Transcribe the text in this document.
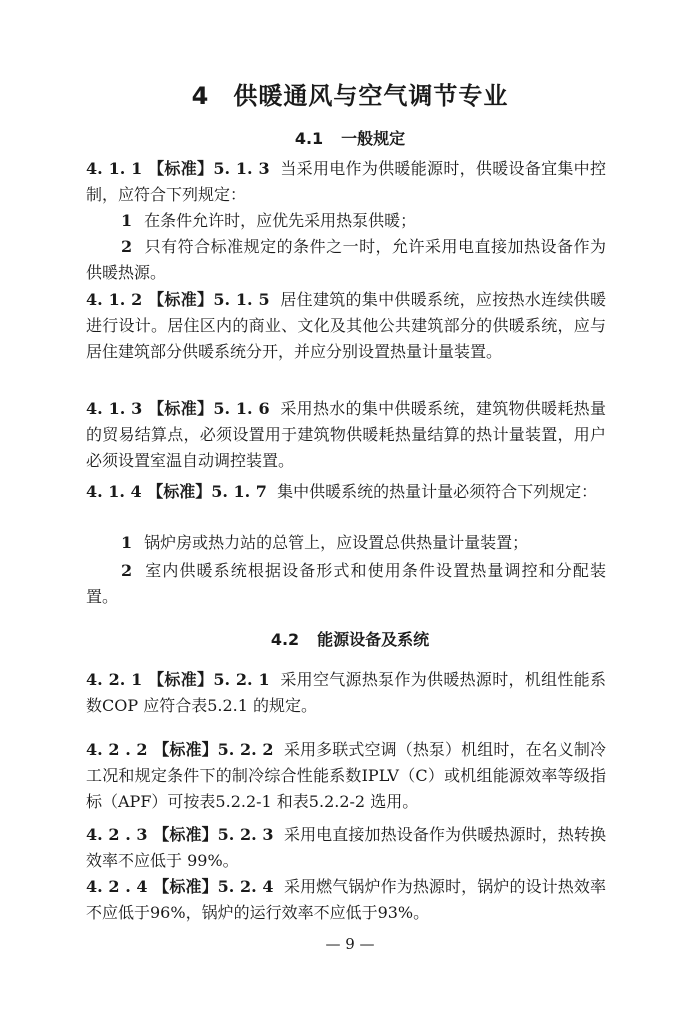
4 供暖通风与空气调节专业
4.1 一般规定
4. 1. 1 【标准】5. 1. 3 当采用电作为供暖能源时，供暖设备宜集中控制，应符合下列规定：
1 在条件允许时，应优先采用热泵供暖；
2 只有符合标准规定的条件之一时，允许采用电直接加热设备作为供暖热源。
4. 1. 2 【标准】5. 1. 5 居住建筑的集中供暖系统，应按热水连续供暖进行设计。居住区内的商业、文化及其他公共建筑部分的供暖系统，应与居住建筑部分供暖系统分开，并应分别设置热量计量装置。
4. 1. 3 【标准】5. 1. 6 采用热水的集中供暖系统，建筑物供暖耗热量的贸易结算点，必须设置用于建筑物供暖耗热量结算的热计量装置，用户必须设置室温自动调控装置。
4. 1. 4 【标准】5. 1. 7 集中供暖系统的热量计量必须符合下列规定：
1 锅炉房或热力站的总管上，应设置总供热量计量装置；
2 室内供暖系统根据设备形式和使用条件设置热量调控和分配装置。
4.2 能源设备及系统
4. 2. 1 【标准】5. 2. 1 采用空气源热泵作为供暖热源时，机组性能系数COP 应符合表5.2.1 的规定。
4. 2 . 2 【标准】5. 2. 2 采用多联式空调（热泵）机组时，在名义制冷工况和规定条件下的制冷综合性能系数IPLV（C）或机组能源效率等级指标（APF）可按表5.2.2-1 和表5.2.2-2 选用。
4. 2 . 3 【标准】5. 2. 3 采用电直接加热设备作为供暖热源时，热转换效率不应低于 99%。
4. 2 . 4 【标准】5. 2. 4 采用燃气锅炉作为热源时，锅炉的设计热效率不应低于96%，锅炉的运行效率不应低于93%。
— 9 —
